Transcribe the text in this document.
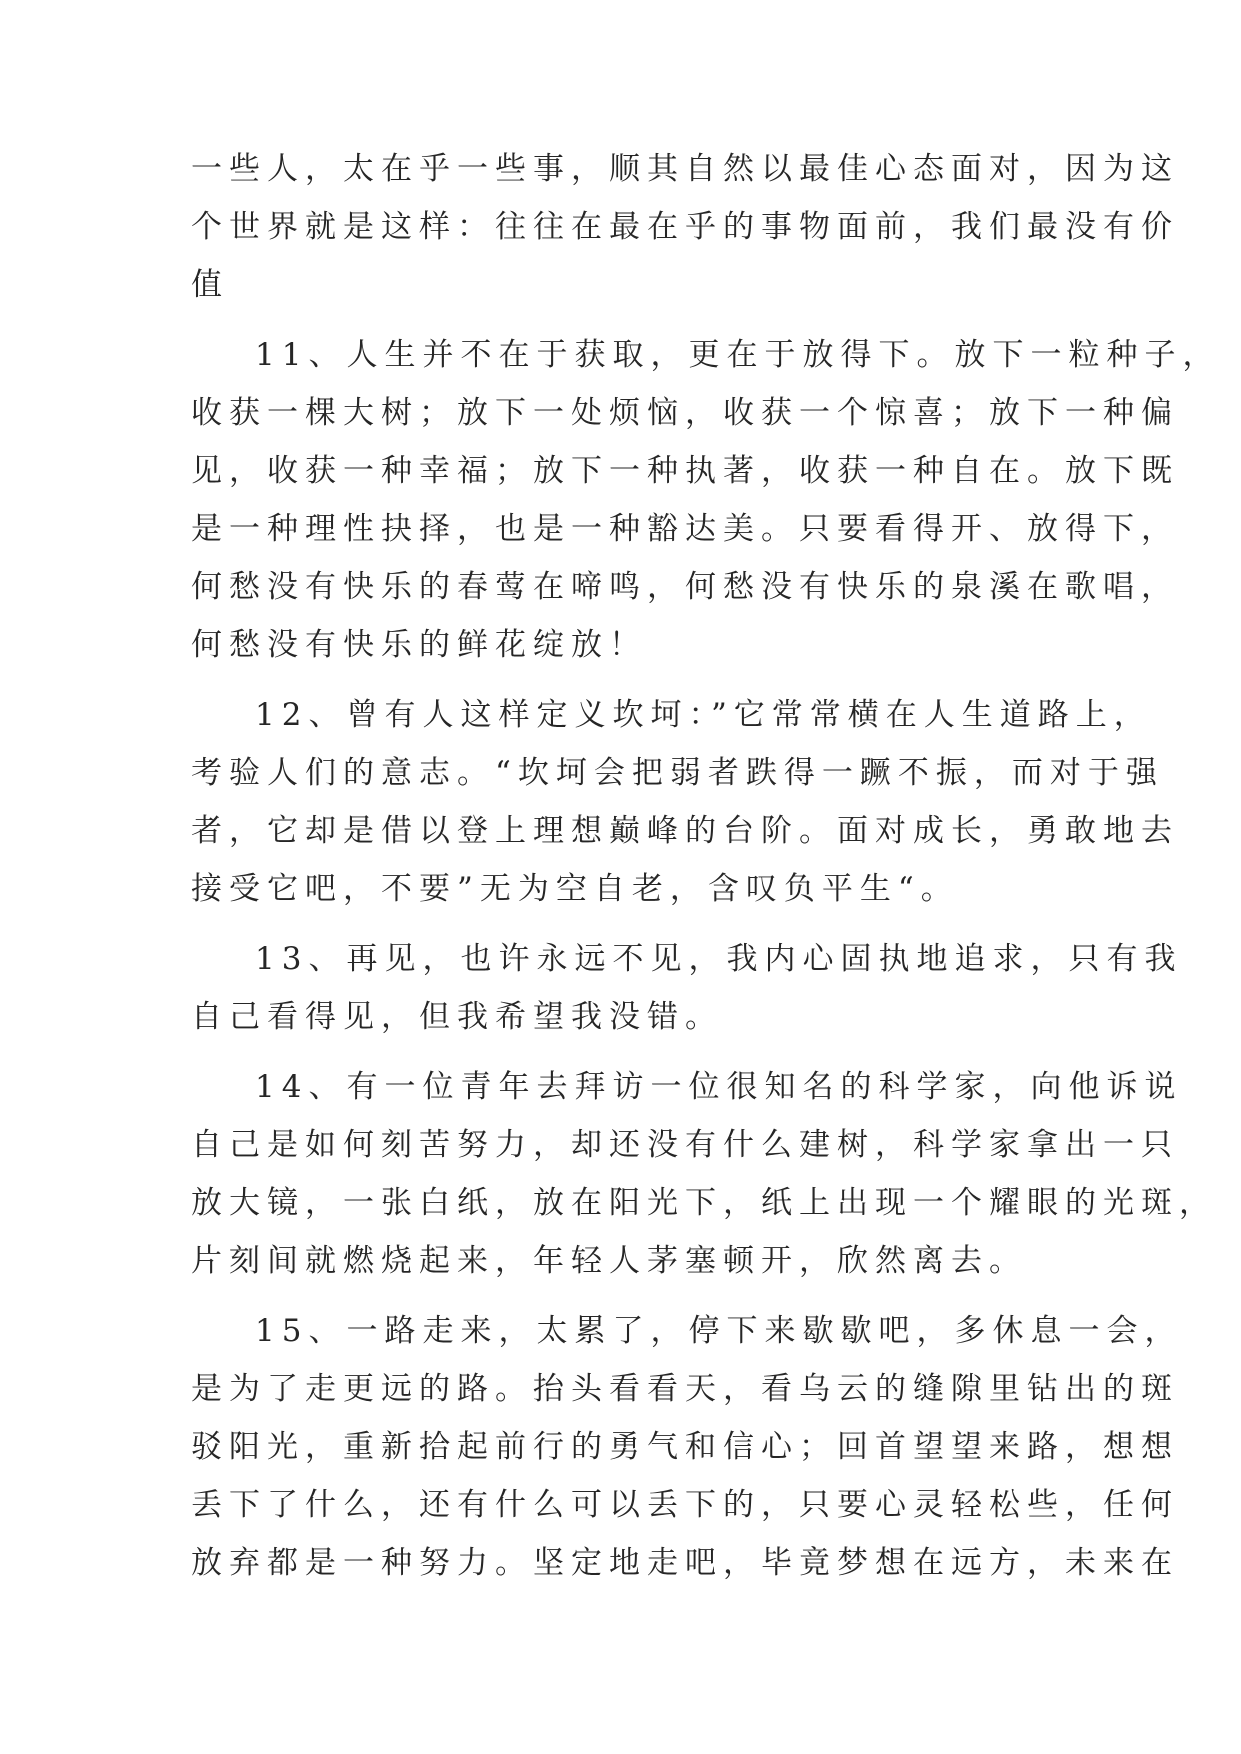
一些人，太在乎一些事，顺其自然以最佳心态面对，因为这
个世界就是这样：往往在最在乎的事物面前，我们最没有价
值
11、人生并不在于获取，更在于放得下。放下一粒种子，
收获一棵大树；放下一处烦恼，收获一个惊喜；放下一种偏
见，收获一种幸福；放下一种执著，收获一种自在。放下既
是一种理性抉择，也是一种豁达美。只要看得开、放得下，
何愁没有快乐的春莺在啼鸣，何愁没有快乐的泉溪在歌唱，
何愁没有快乐的鲜花绽放！
12、曾有人这样定义坎坷：”它常常横在人生道路上，
考验人们的意志。“坎坷会把弱者跌得一蹶不振，而对于强
者，它却是借以登上理想巅峰的台阶。面对成长，勇敢地去
接受它吧，不要”无为空自老，含叹负平生“。
13、再见，也许永远不见，我内心固执地追求，只有我
自己看得见，但我希望我没错。
14、有一位青年去拜访一位很知名的科学家，向他诉说
自己是如何刻苦努力，却还没有什么建树，科学家拿出一只
放大镜，一张白纸，放在阳光下，纸上出现一个耀眼的光斑，
片刻间就燃烧起来，年轻人茅塞顿开，欣然离去。
15、一路走来，太累了，停下来歇歇吧，多休息一会，
是为了走更远的路。抬头看看天，看乌云的缝隙里钻出的斑
驳阳光，重新拾起前行的勇气和信心；回首望望来路，想想
丢下了什么，还有什么可以丢下的，只要心灵轻松些，任何
放弃都是一种努力。坚定地走吧，毕竟梦想在远方，未来在
